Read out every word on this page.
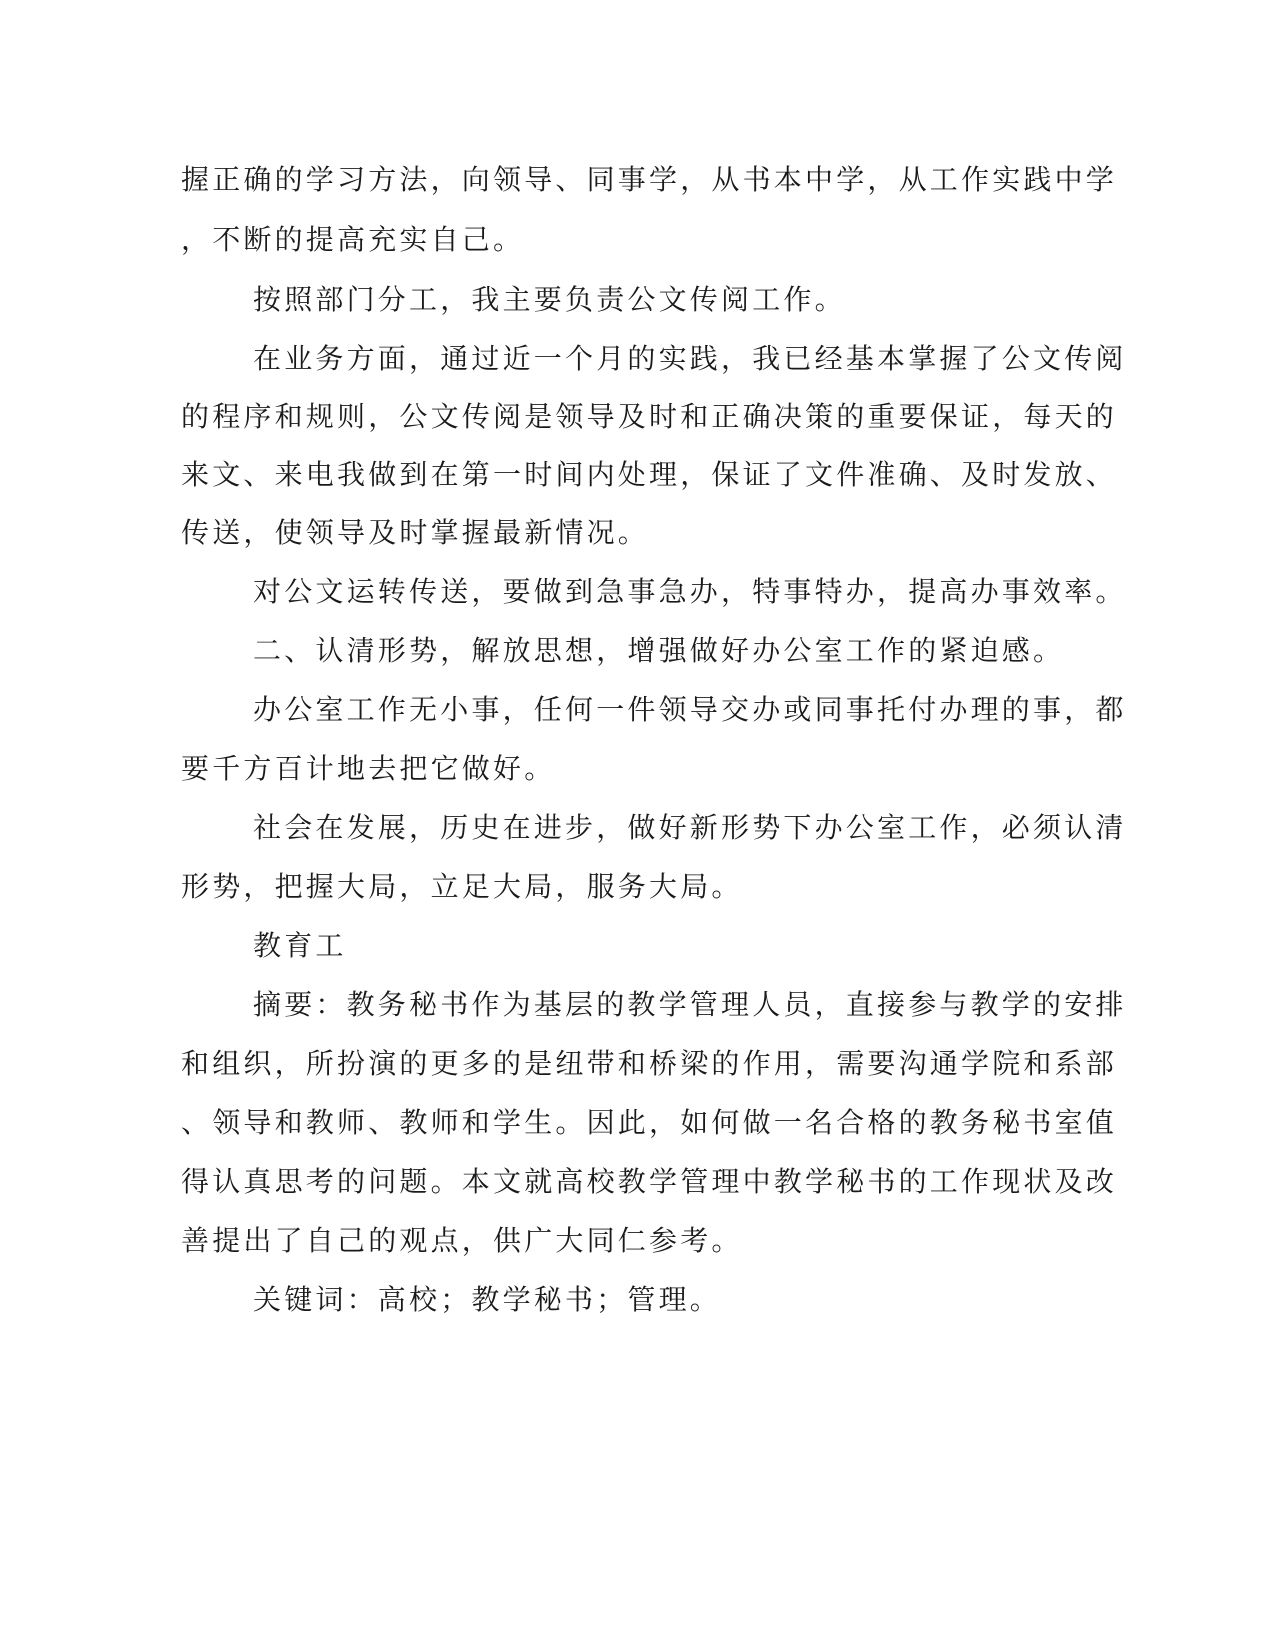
握正确的学习方法，向领导、同事学，从书本中学，从工作实践中学
，不断的提高充实自己。
按照部门分工，我主要负责公文传阅工作。
在业务方面，通过近一个月的实践，我已经基本掌握了公文传阅
的程序和规则，公文传阅是领导及时和正确决策的重要保证，每天的
来文、来电我做到在第一时间内处理，保证了文件准确、及时发放、
传送，使领导及时掌握最新情况。
对公文运转传送，要做到急事急办，特事特办，提高办事效率。
二、认清形势，解放思想，增强做好办公室工作的紧迫感。
办公室工作无小事，任何一件领导交办或同事托付办理的事，都
要千方百计地去把它做好。
社会在发展，历史在进步，做好新形势下办公室工作，必须认清
形势，把握大局，立足大局，服务大局。
教育工
摘要：教务秘书作为基层的教学管理人员，直接参与教学的安排
和组织，所扮演的更多的是纽带和桥梁的作用，需要沟通学院和系部
、领导和教师、教师和学生。因此，如何做一名合格的教务秘书室值
得认真思考的问题。本文就高校教学管理中教学秘书的工作现状及改
善提出了自己的观点，供广大同仁参考。
关键词：高校；教学秘书；管理。
